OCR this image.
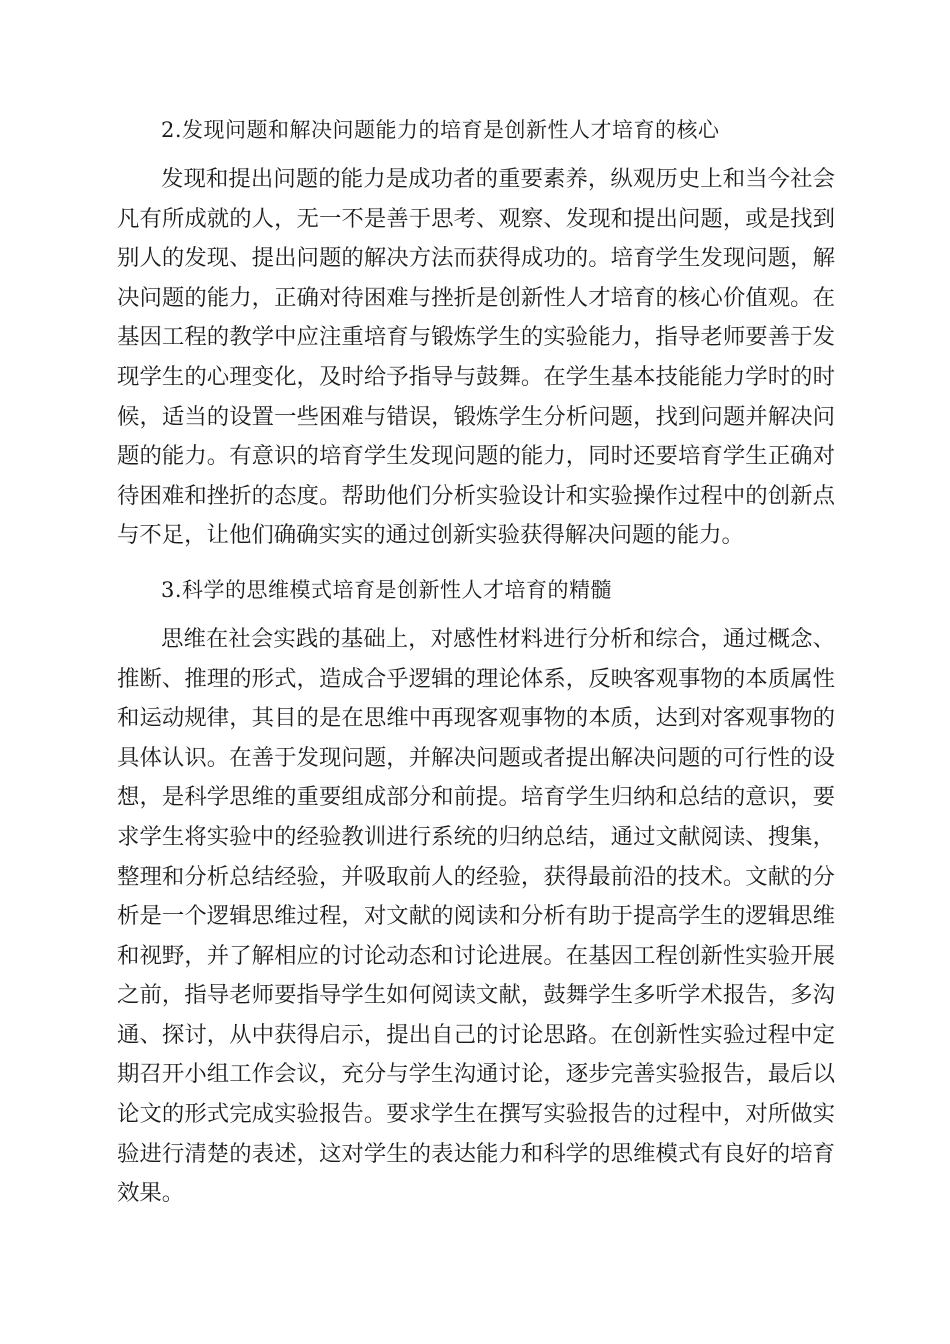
2.发现问题和解决问题能力的培育是创新性人才培育的核心

发现和提出问题的能力是成功者的重要素养，纵观历史上和当今社会凡有所成就的人，无一不是善于思考、观察、发现和提出问题，或是找到别人的发现、提出问题的解决方法而获得成功的。培育学生发现问题，解决问题的能力，正确对待困难与挫折是创新性人才培育的核心价值观。在基因工程的教学中应注重培育与锻炼学生的实验能力，指导老师要善于发现学生的心理变化，及时给予指导与鼓舞。在学生基本技能能力学时的时候，适当的设置一些困难与错误，锻炼学生分析问题，找到问题并解决问题的能力。有意识的培育学生发现问题的能力，同时还要培育学生正确对待困难和挫折的态度。帮助他们分析实验设计和实验操作过程中的创新点与不足，让他们确确实实的通过创新实验获得解决问题的能力。

3.科学的思维模式培育是创新性人才培育的精髓

思维在社会实践的基础上，对感性材料进行分析和综合，通过概念、推断、推理的形式，造成合乎逻辑的理论体系，反映客观事物的本质属性和运动规律，其目的是在思维中再现客观事物的本质，达到对客观事物的具体认识。在善于发现问题，并解决问题或者提出解决问题的可行性的设想，是科学思维的重要组成部分和前提。培育学生归纳和总结的意识，要求学生将实验中的经验教训进行系统的归纳总结，通过文献阅读、搜集，整理和分析总结经验，并吸取前人的经验，获得最前沿的技术。文献的分析是一个逻辑思维过程，对文献的阅读和分析有助于提高学生的逻辑思维和视野，并了解相应的讨论动态和讨论进展。在基因工程创新性实验开展之前，指导老师要指导学生如何阅读文献，鼓舞学生多听学术报告，多沟通、探讨，从中获得启示，提出自己的讨论思路。在创新性实验过程中定期召开小组工作会议，充分与学生沟通讨论，逐步完善实验报告，最后以论文的形式完成实验报告。要求学生在撰写实验报告的过程中，对所做实验进行清楚的表述，这对学生的表达能力和科学的思维模式有良好的培育效果。
